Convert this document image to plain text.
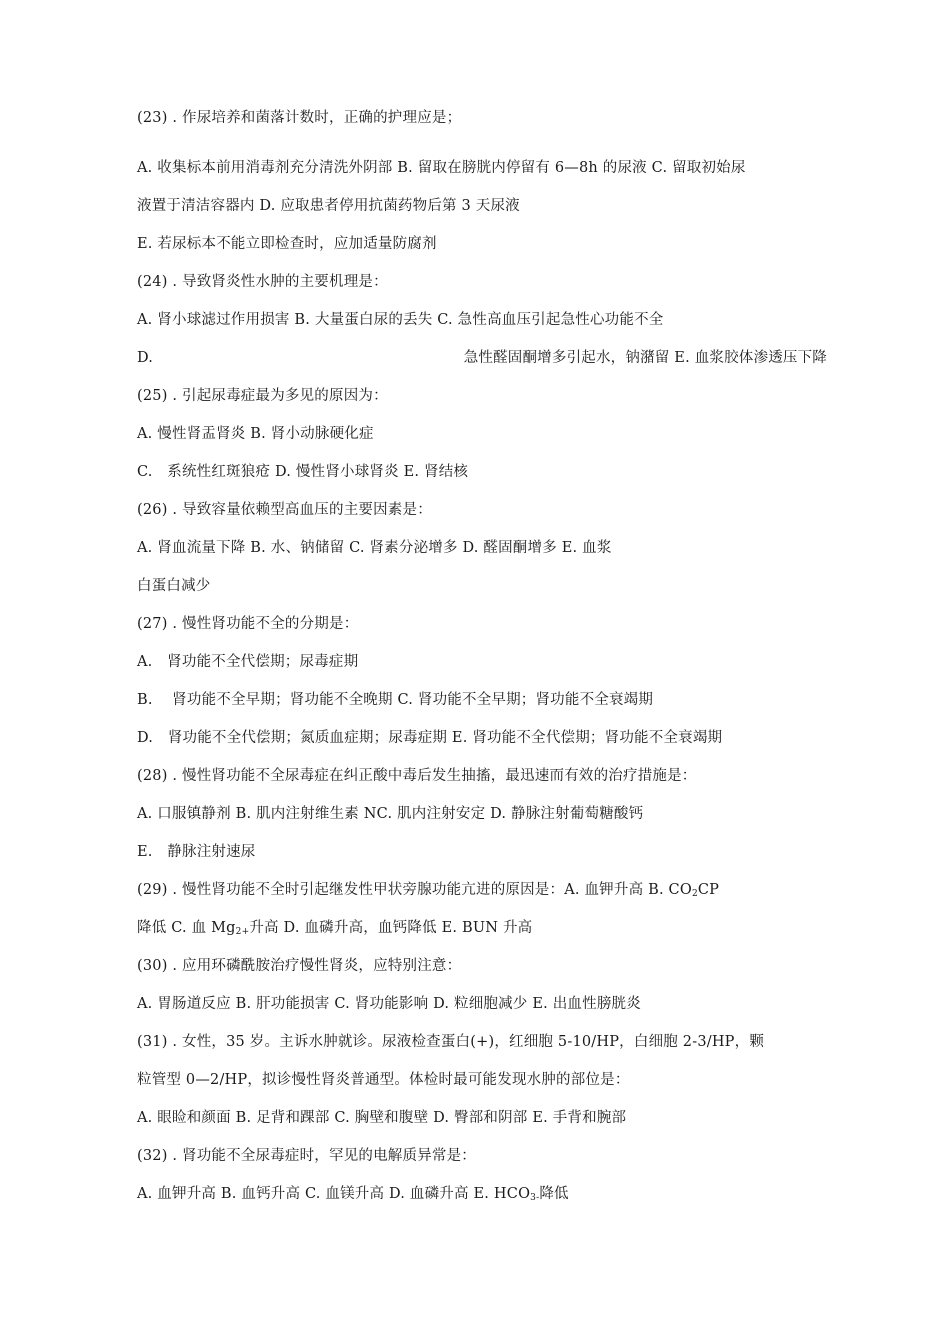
(23) . 作尿培养和菌落计数时，正确的护理应是；
A. 收集标本前用消毒剂充分清洗外阴部 B. 留取在膀胱内停留有 6—8h 的尿液 C. 留取初始尿
液置于清洁容器内 D. 应取患者停用抗菌药物后第 3 天尿液
E. 若尿标本不能立即检查时，应加适量防腐剂
(24) . 导致肾炎性水肿的主要机理是：
A. 肾小球滤过作用损害 B. 大量蛋白尿的丢失 C. 急性高血压引起急性心功能不全
D.	急性醛固酮增多引起水，钠潴留 E. 血浆胶体渗透压下降
(25) . 引起尿毒症最为多见的原因为：
A. 慢性肾盂肾炎 B. 肾小动脉硬化症
C.　系统性红斑狼疮 D. 慢性肾小球肾炎 E. 肾结核
(26) . 导致容量依赖型高血压的主要因素是：
A. 肾血流量下降 B. 水、钠储留 C. 肾素分泌增多 D. 醛固酮增多 E. 血浆
白蛋白减少
(27) . 慢性肾功能不全的分期是：
A.　肾功能不全代偿期；尿毒症期
B.　 肾功能不全早期；肾功能不全晚期 C. 肾功能不全早期；肾功能不全衰竭期
D.　肾功能不全代偿期；氮质血症期；尿毒症期 E. 肾功能不全代偿期；肾功能不全衰竭期
(28) . 慢性肾功能不全尿毒症在纠正酸中毒后发生抽搐，最迅速而有效的治疗措施是：
A. 口服镇静剂 B. 肌内注射维生素 NC. 肌内注射安定 D. 静脉注射葡萄糖酸钙
E.　静脉注射速尿
(29) . 慢性肾功能不全时引起继发性甲状旁腺功能亢进的原因是：A. 血钾升高 B. $CO_2CP$
降低 C. 血 $Mg_{2+}$升高 D. 血磷升高，血钙降低 E. BUN 升高
(30) . 应用环磷酰胺治疗慢性肾炎，应特别注意：
A. 胃肠道反应 B. 肝功能损害 C. 肾功能影响 D. 粒细胞减少 E. 出血性膀胱炎
(31) . 女性，35 岁。主诉水肿就诊。尿液检查蛋白(+)，红细胞 5-10/HP，白细胞 2-3/HP，颗
粒管型 0—2/HP，拟诊慢性肾炎普通型。体检时最可能发现水肿的部位是：
A. 眼睑和颜面 B. 足背和踝部 C. 胸壁和腹壁 D. 臀部和阴部 E. 手背和腕部
(32) . 肾功能不全尿毒症时，罕见的电解质异常是：
A. 血钾升高 B. 血钙升高 C. 血镁升高 D. 血磷升高 E. $HCO_{3-}$降低
